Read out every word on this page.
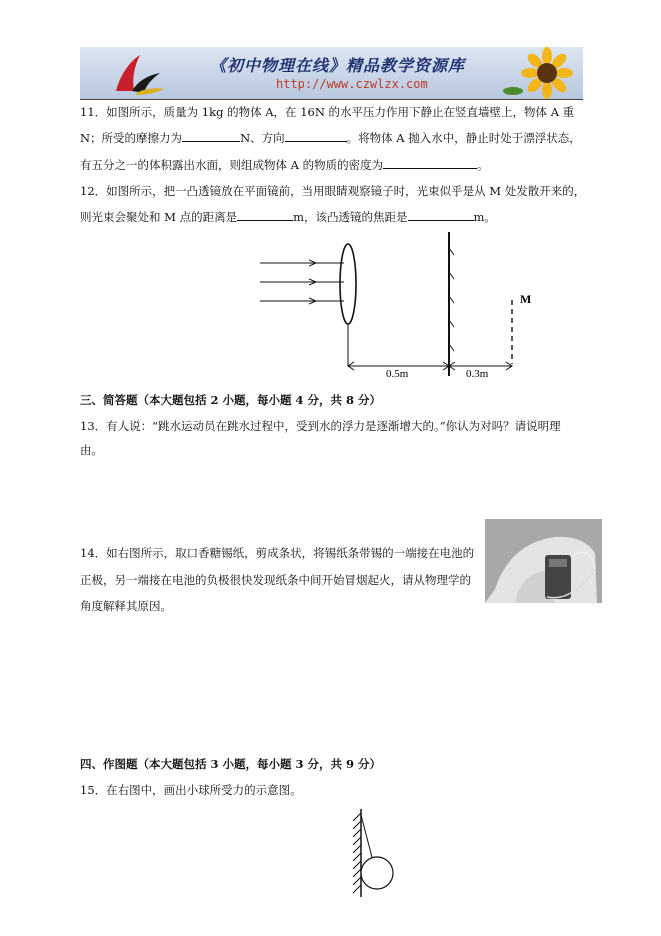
《初中物理在线》精品教学资源库
http://www.czwlzx.com
11．如图所示，质量为 1kg 的物体 A，在 16N 的水平压力作用下静止在竖直墙壁上，物体 A 重
N；所受的摩擦力为	N、方向	。将物体 A 抛入水中，静止时处于漂浮状态，
有五分之一的体积露出水面，则组成物体 A 的物质的密度为	。
12．如图所示，把一凸透镜放在平面镜前，当用眼睛观察镜子时，光束似乎是从 M 处发散开来的，
则光束会聚处和 M 点的距离是	m，该凸透镜的焦距是	m。
M
0.5m	0.3m
三、简答题（本大题包括 2 小题，每小题 4 分，共 8 分）
13．有人说：“跳水运动员在跳水过程中，受到水的浮力是逐渐增大的。”你认为对吗？请说明理
由。
14．如右图所示，取口香糖锡纸，剪成条状，将锡纸条带锡的一端接在电池的
正极，另一端接在电池的负极很快发现纸条中间开始冒烟起火，请从物理学的
角度解释其原因。
四、作图题（本大题包括 3 小题，每小题 3 分，共 9 分）
15．在右图中，画出小球所受力的示意图。
